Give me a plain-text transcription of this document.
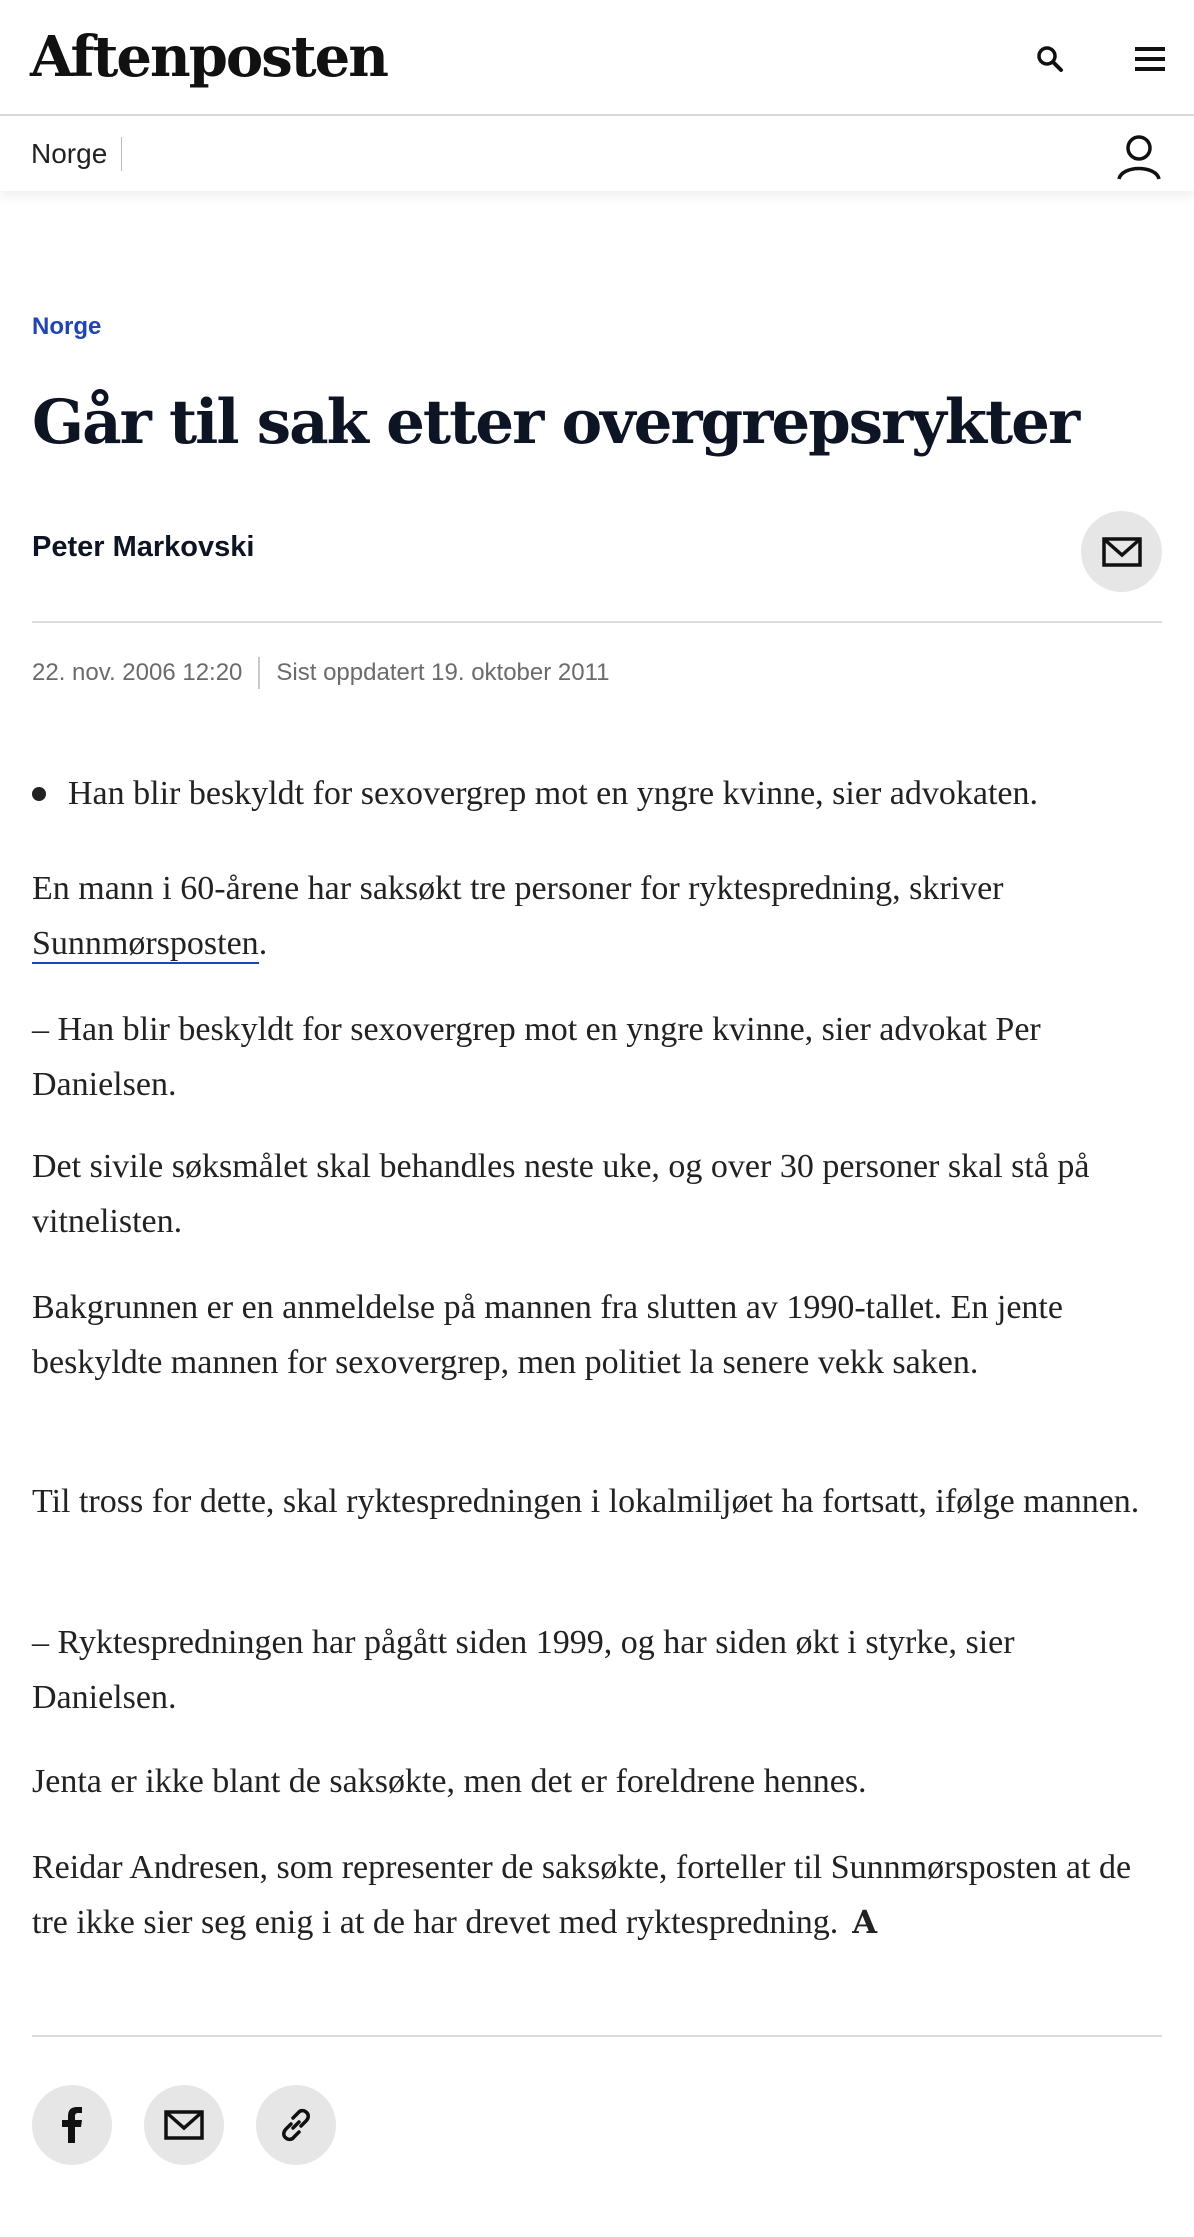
Aftenposten
Norge
Norge
Går til sak etter overgrepsrykter
Peter Markovski
22. nov. 2006 12:20 Sist oppdatert 19. oktober 2011
Han blir beskyldt for sexovergrep mot en yngre kvinne, sier advokaten.

En mann i 60-årene har saksøkt tre personer for ryktespredning, skriver Sunnmørsposten.

– Han blir beskyldt for sexovergrep mot en yngre kvinne, sier advokat Per Danielsen.

Det sivile søksmålet skal behandles neste uke, og over 30 personer skal stå på vitnelisten.

Bakgrunnen er en anmeldelse på mannen fra slutten av 1990-tallet. En jente beskyldte mannen for sexovergrep, men politiet la senere vekk saken.

Til tross for dette, skal ryktespredningen i lokalmiljøet ha fortsatt, ifølge mannen.

– Ryktespredningen har pågått siden 1999, og har siden økt i styrke, sier Danielsen.

Jenta er ikke blant de saksøkte, men det er foreldrene hennes.

Reidar Andresen, som representer de saksøkte, forteller til Sunnmørsposten at de tre ikke sier seg enig i at de har drevet med ryktespredning. A
